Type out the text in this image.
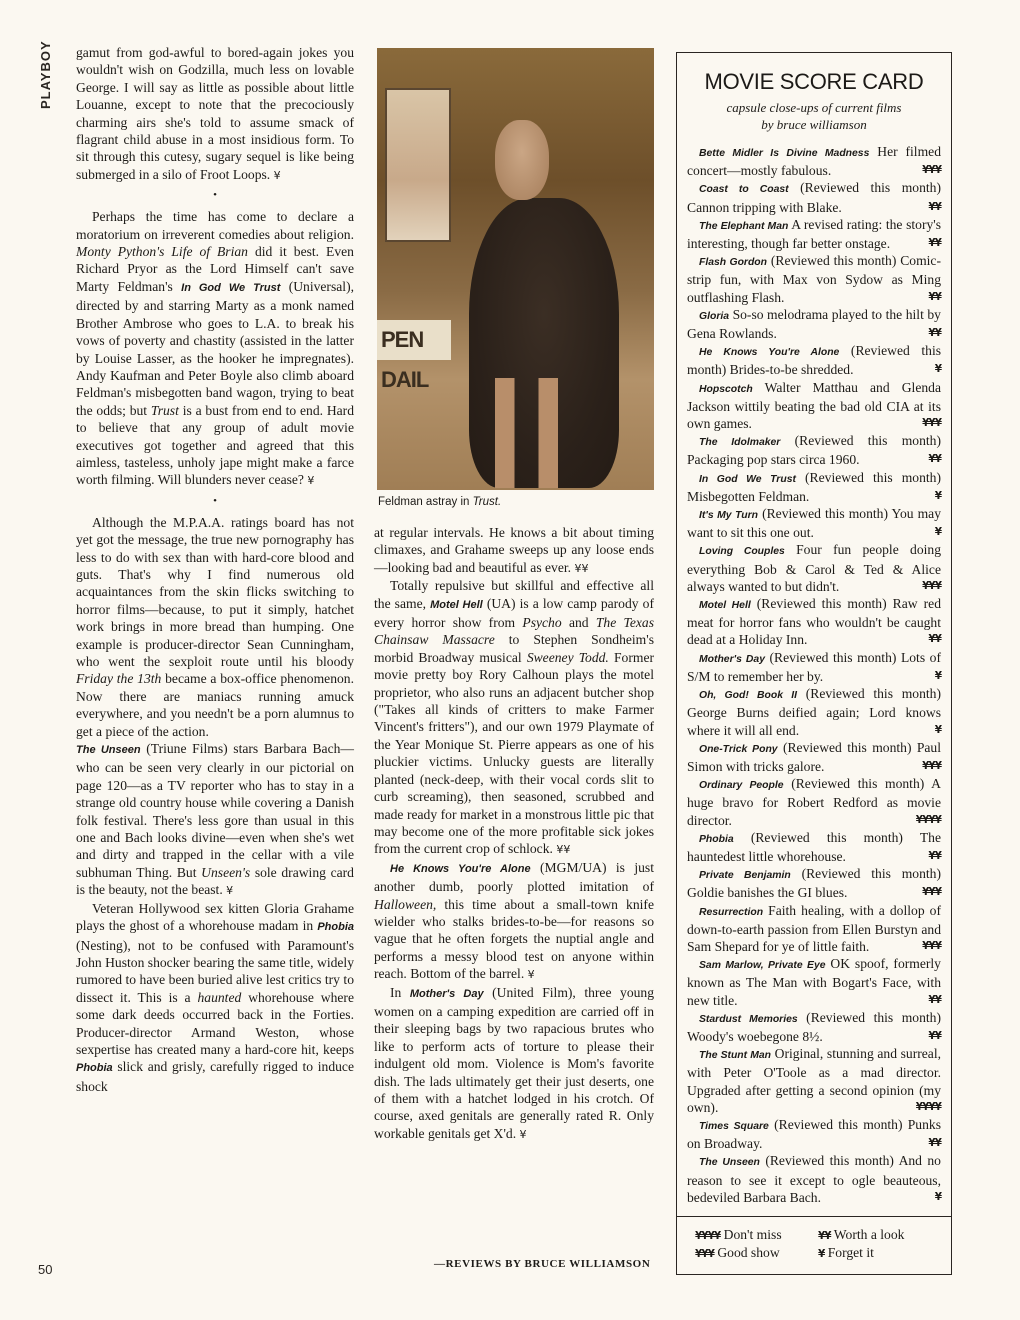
PLAYBOY
50

gamut from god-awful to bored-again jokes you wouldn't wish on Godzilla, much less on lovable George. I will say as little as possible about little Louanne, except to note that the precociously charming airs she's told to assume smack of flagrant child abuse in a most insidious form. To sit through this cutesy, sugary sequel is like being submerged in a silo of Froot Loops. ¥

•

Perhaps the time has come to declare a moratorium on irreverent comedies about religion. Monty Python's Life of Brian did it best. Even Richard Pryor as the Lord Himself can't save Marty Feldman's In God We Trust (Universal), directed by and starring Marty as a monk named Brother Ambrose who goes to L.A. to break his vows of poverty and chastity (assisted in the latter by Louise Lasser, as the hooker he impregnates). Andy Kaufman and Peter Boyle also climb aboard Feldman's misbegotten band wagon, trying to beat the odds; but Trust is a bust from end to end. Hard to believe that any group of adult movie executives got together and agreed that this aimless, tasteless, unholy jape might make a farce worth filming. Will blunders never cease? ¥

•

Although the M.P.A.A. ratings board has not yet got the message, the true new pornography has less to do with sex than with hard-core blood and guts. That's why I find numerous old acquaintances from the skin flicks switching to horror films—because, to put it simply, hatchet work brings in more bread than humping. One example is producer-director Sean Cunningham, who went the sexploit route until his bloody Friday the 13th became a box-office phenomenon. Now there are maniacs running amuck everywhere, and you needn't be a porn alumnus to get a piece of the action.

The Unseen (Triune Films) stars Barbara Bach—who can be seen very clearly in our pictorial on page 120—as a TV reporter who has to stay in a strange old country house while covering a Danish folk festival. There's less gore than usual in this one and Bach looks divine—even when she's wet and dirty and trapped in the cellar with a vile subhuman Thing. But Unseen's sole drawing card is the beauty, not the beast. ¥

Veteran Hollywood sex kitten Gloria Grahame plays the ghost of a whorehouse madam in Phobia (Nesting), not to be confused with Paramount's John Huston shocker bearing the same title, widely rumored to have been buried alive lest critics try to dissect it. This is a haunted whorehouse where some dark deeds occurred back in the Forties. Producer-director Armand Weston, whose sexpertise has created many a hard-core hit, keeps Phobia slick and grisly, carefully rigged to induce shock

PEN DAIL
Feldman astray in Trust.

at regular intervals. He knows a bit about timing climaxes, and Grahame sweeps up any loose ends—looking bad and beautiful as ever. ¥¥

Totally repulsive but skillful and effective all the same, Motel Hell (UA) is a low camp parody of every horror show from Psycho and The Texas Chainsaw Massacre to Stephen Sondheim's morbid Broadway musical Sweeney Todd. Former movie pretty boy Rory Calhoun plays the motel proprietor, who also runs an adjacent butcher shop ("Takes all kinds of critters to make Farmer Vincent's fritters"), and our own 1979 Playmate of the Year Monique St. Pierre appears as one of his pluckier victims. Unlucky guests are literally planted (neck-deep, with their vocal cords slit to curb screaming), then seasoned, scrubbed and made ready for market in a monstrous little pic that may become one of the more profitable sick jokes from the current crop of schlock. ¥¥

He Knows You're Alone (MGM/UA) is just another dumb, poorly plotted imitation of Halloween, this time about a small-town knife wielder who stalks brides-to-be—for reasons so vague that he often forgets the nuptial angle and performs a messy blood test on anyone within reach. Bottom of the barrel. ¥

In Mother's Day (United Film), three young women on a camping expedition are carried off in their sleeping bags by two rapacious brutes who like to perform acts of torture to please their indulgent old mom. Violence is Mom's favorite dish. The lads ultimately get their just deserts, one of them with a hatchet lodged in his crotch. Of course, axed genitals are generally rated R. Only workable genitals get X'd. ¥

—REVIEWS BY BRUCE WILLIAMSON
MOVIE SCORE CARD
capsule close-ups of current films
by bruce williamson

Bette Midler Is Divine Madness Her filmed concert—mostly fabulous.	¥¥¥

Coast to Coast (Reviewed this month) Cannon tripping with Blake.	¥¥

The Elephant Man A revised rating: the story's interesting, though far better onstage.	¥¥

Flash Gordon (Reviewed this month) Comic-strip fun, with Max von Sydow as Ming outflashing Flash.	¥¥

Gloria So-so melodrama played to the hilt by Gena Rowlands.	¥¥

He Knows You're Alone (Reviewed this month) Brides-to-be shredded.	¥

Hopscotch Walter Matthau and Glenda Jackson wittily beating the bad old CIA at its own games.	¥¥¥

The Idolmaker (Reviewed this month) Packaging pop stars circa 1960.	¥¥

In God We Trust (Reviewed this month) Misbegotten Feldman.	¥

It's My Turn (Reviewed this month) You may want to sit this one out.	¥

Loving Couples Four fun people doing everything Bob & Carol & Ted & Alice always wanted to but didn't.	¥¥¥

Motel Hell (Reviewed this month) Raw red meat for horror fans who wouldn't be caught dead at a Holiday Inn.	¥¥

Mother's Day (Reviewed this month) Lots of S/M to remember her by.	¥

Oh, God! Book II (Reviewed this month) George Burns deified again; Lord knows where it will all end.	¥

One-Trick Pony (Reviewed this month) Paul Simon with tricks galore.	¥¥¥

Ordinary People (Reviewed this month) A huge bravo for Robert Redford as movie director.	¥¥¥¥

Phobia (Reviewed this month) The hauntedest little whorehouse.	¥¥

Private Benjamin (Reviewed this month) Goldie banishes the GI blues.	¥¥¥

Resurrection Faith healing, with a dollop of down-to-earth passion from Ellen Burstyn and Sam Shepard for ye of little faith.	¥¥¥

Sam Marlow, Private Eye OK spoof, formerly known as The Man with Bogart's Face, with new title.	¥¥

Stardust Memories (Reviewed this month) Woody's woebegone 8½.	¥¥

The Stunt Man Original, stunning and surreal, with Peter O'Toole as a mad director. Upgraded after getting a second opinion (my own).	¥¥¥¥

Times Square (Reviewed this month) Punks on Broadway.	¥¥

The Unseen (Reviewed this month) And no reason to see it except to ogle beauteous, bedeviled Barbara Bach.	¥

¥¥¥¥ Don't miss	¥¥ Worth a look
¥¥¥ Good show	¥ Forget it
